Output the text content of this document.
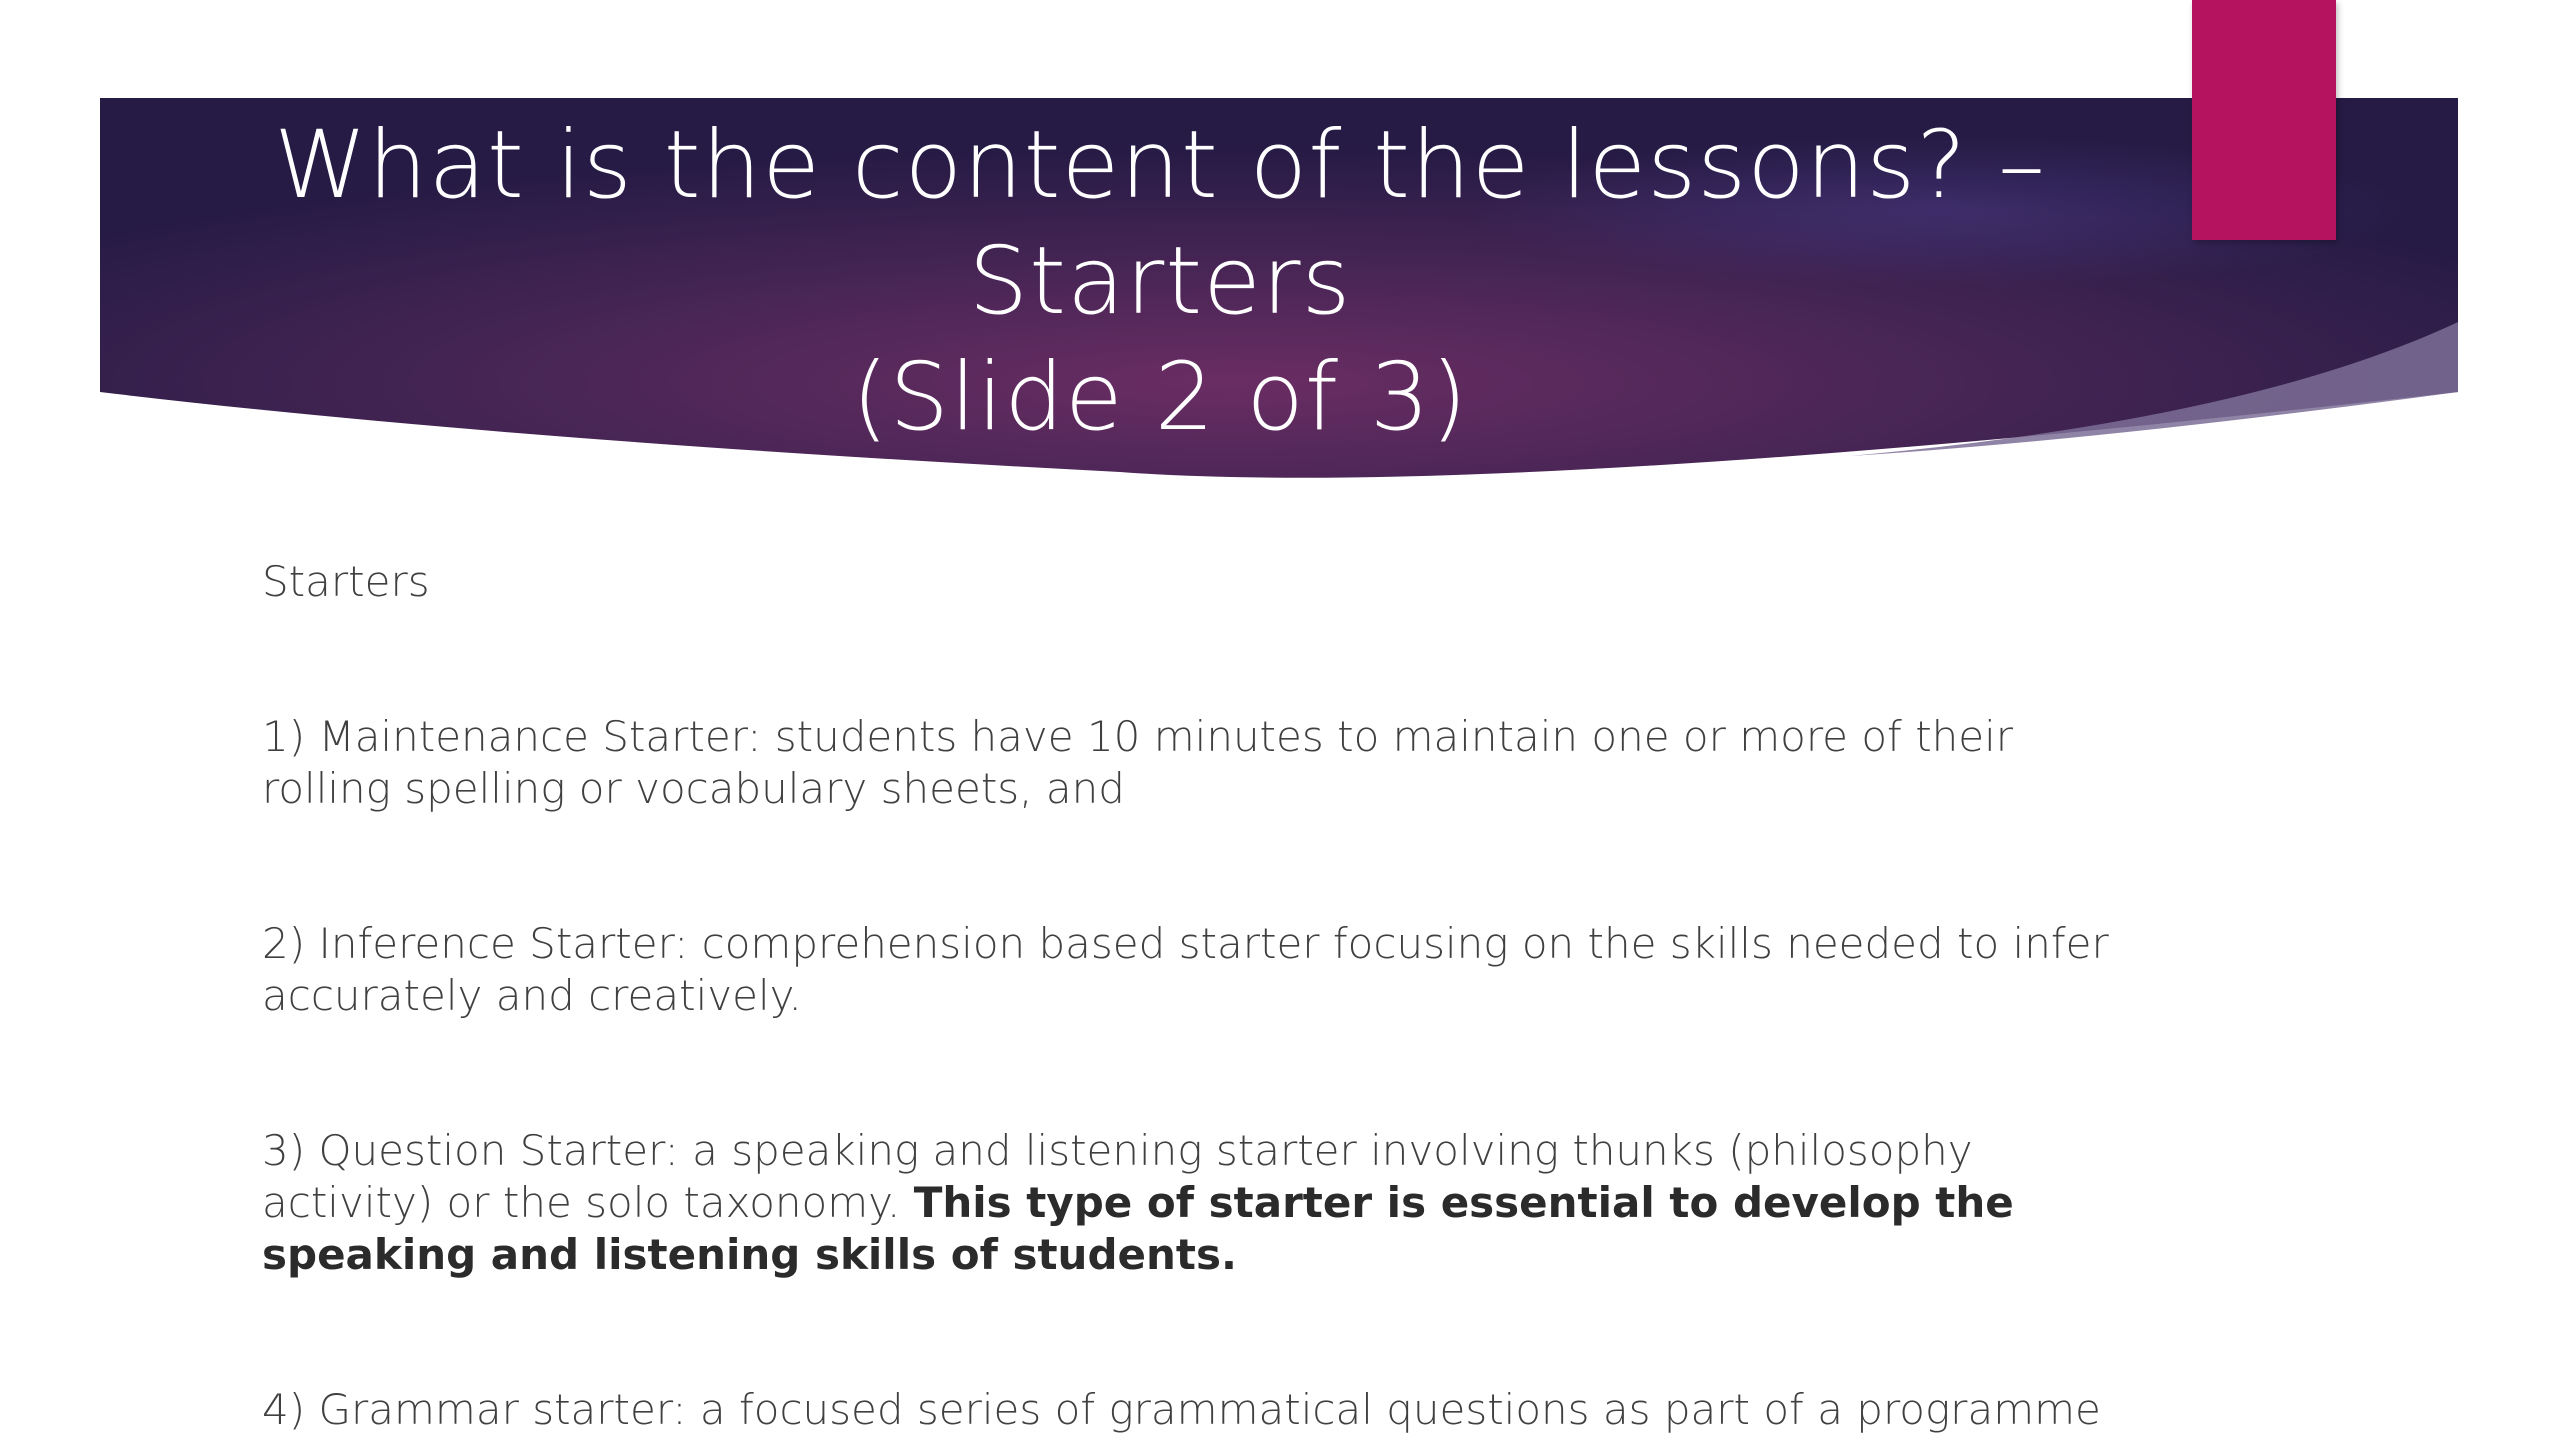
What is the content of the lessons? –
Starters
(Slide 2 of 3)

Starters

1) Maintenance Starter: students have 10 minutes to maintain one or more of their rolling spelling or vocabulary sheets, and

2) Inference Starter: comprehension based starter focusing on the skills needed to infer accurately and creatively.

3) Question Starter: a speaking and listening starter involving thunks (philosophy activity) or the solo taxonomy. This type of starter is essential to develop the speaking and listening skills of students.

4) Grammar starter: a focused series of grammatical questions as part of a programme
